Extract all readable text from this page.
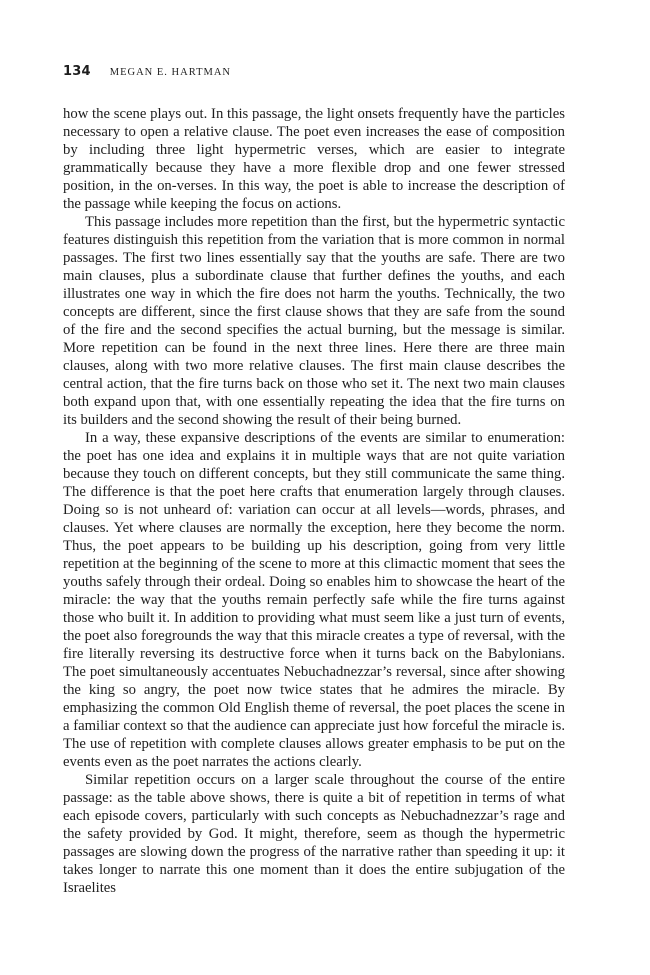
134 MEGAN E. HARTMAN

how the scene plays out. In this passage, the light onsets frequently have the particles necessary to open a relative clause. The poet even increases the ease of composition by including three light hypermetric verses, which are easier to integrate grammatically because they have a more flexible drop and one fewer stressed position, in the on-verses. In this way, the poet is able to increase the description of the passage while keeping the focus on actions.

This passage includes more repetition than the first, but the hypermetric syntactic features distinguish this repetition from the variation that is more common in normal passages. The first two lines essentially say that the youths are safe. There are two main clauses, plus a subordinate clause that further defines the youths, and each illustrates one way in which the fire does not harm the youths. Technically, the two concepts are different, since the first clause shows that they are safe from the sound of the fire and the second specifies the actual burning, but the message is similar. More repetition can be found in the next three lines. Here there are three main clauses, along with two more relative clauses. The first main clause describes the central action, that the fire turns back on those who set it. The next two main clauses both expand upon that, with one essentially repeating the idea that the fire turns on its builders and the second showing the result of their being burned.

In a way, these expansive descriptions of the events are similar to enumeration: the poet has one idea and explains it in multiple ways that are not quite variation because they touch on different concepts, but they still communicate the same thing. The difference is that the poet here crafts that enumeration largely through clauses. Doing so is not unheard of: variation can occur at all levels—words, phrases, and clauses. Yet where clauses are normally the exception, here they become the norm. Thus, the poet appears to be building up his description, going from very little repetition at the beginning of the scene to more at this climactic moment that sees the youths safely through their ordeal. Doing so enables him to showcase the heart of the miracle: the way that the youths remain perfectly safe while the fire turns against those who built it. In addition to providing what must seem like a just turn of events, the poet also foregrounds the way that this miracle creates a type of reversal, with the fire literally reversing its destructive force when it turns back on the Babylonians. The poet simultaneously accentuates Nebuchadnezzar’s reversal, since after showing the king so angry, the poet now twice states that he admires the miracle. By emphasizing the common Old English theme of reversal, the poet places the scene in a familiar context so that the audience can appreciate just how forceful the miracle is. The use of repetition with complete clauses allows greater emphasis to be put on the events even as the poet narrates the actions clearly.

Similar repetition occurs on a larger scale throughout the course of the entire passage: as the table above shows, there is quite a bit of repetition in terms of what each episode covers, particularly with such concepts as Nebuchadnezzar’s rage and the safety provided by God. It might, therefore, seem as though the hypermetric passages are slowing down the progress of the narrative rather than speeding it up: it takes longer to narrate this one moment than it does the entire subjugation of the Israelites
